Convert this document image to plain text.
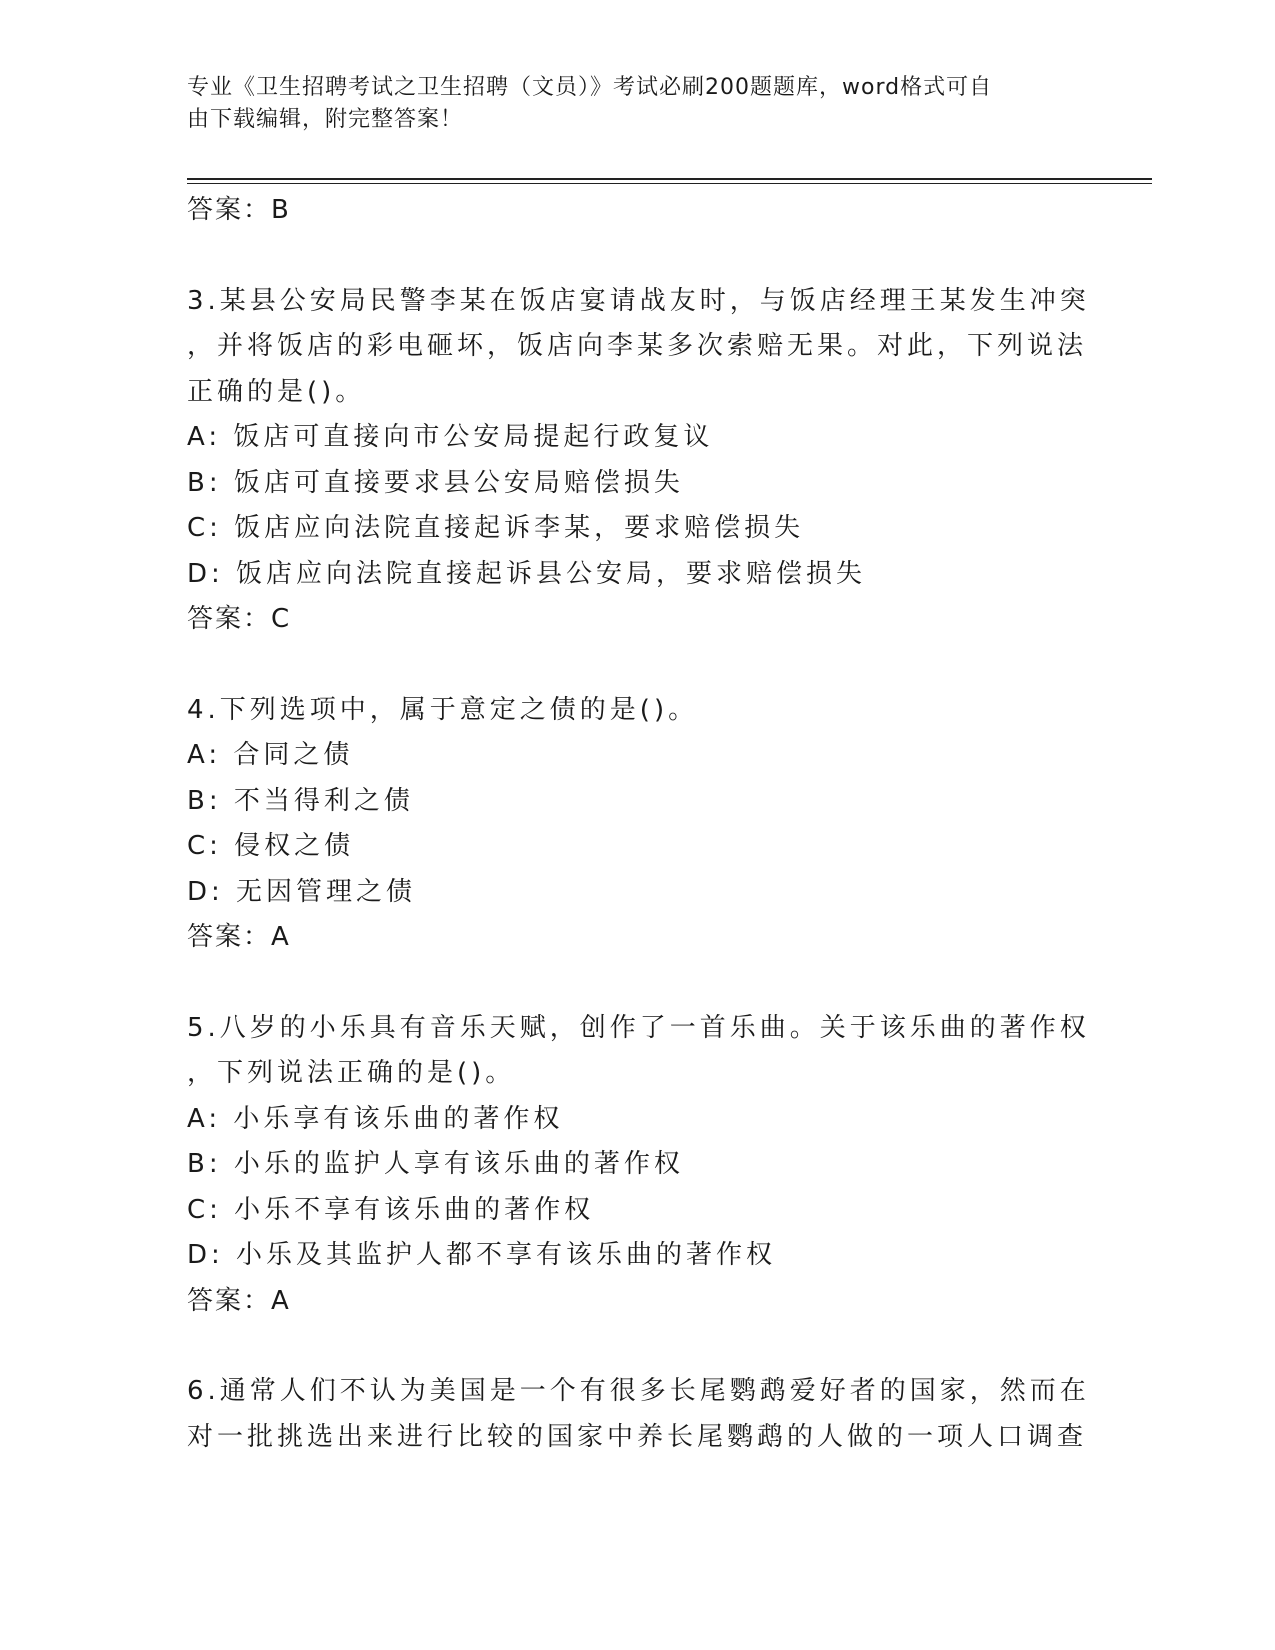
专业《卫生招聘考试之卫生招聘（文员）》考试必刷200题题库，word格式可自
由下载编辑，附完整答案！
答案：B
3.某县公安局民警李某在饭店宴请战友时，与饭店经理王某发生冲突
，并将饭店的彩电砸坏，饭店向李某多次索赔无果。对此，下列说法
正确的是()。
A: 饭店可直接向市公安局提起行政复议
B: 饭店可直接要求县公安局赔偿损失
C: 饭店应向法院直接起诉李某，要求赔偿损失
D: 饭店应向法院直接起诉县公安局，要求赔偿损失
答案：C
4.下列选项中，属于意定之债的是()。
A: 合同之债
B: 不当得利之债
C: 侵权之债
D: 无因管理之债
答案：A
5.八岁的小乐具有音乐天赋，创作了一首乐曲。关于该乐曲的著作权
，下列说法正确的是()。
A: 小乐享有该乐曲的著作权
B: 小乐的监护人享有该乐曲的著作权
C: 小乐不享有该乐曲的著作权
D: 小乐及其监护人都不享有该乐曲的著作权
答案：A
6.通常人们不认为美国是一个有很多长尾鹦鹉爱好者的国家，然而在
对一批挑选出来进行比较的国家中养长尾鹦鹉的人做的一项人口调查
